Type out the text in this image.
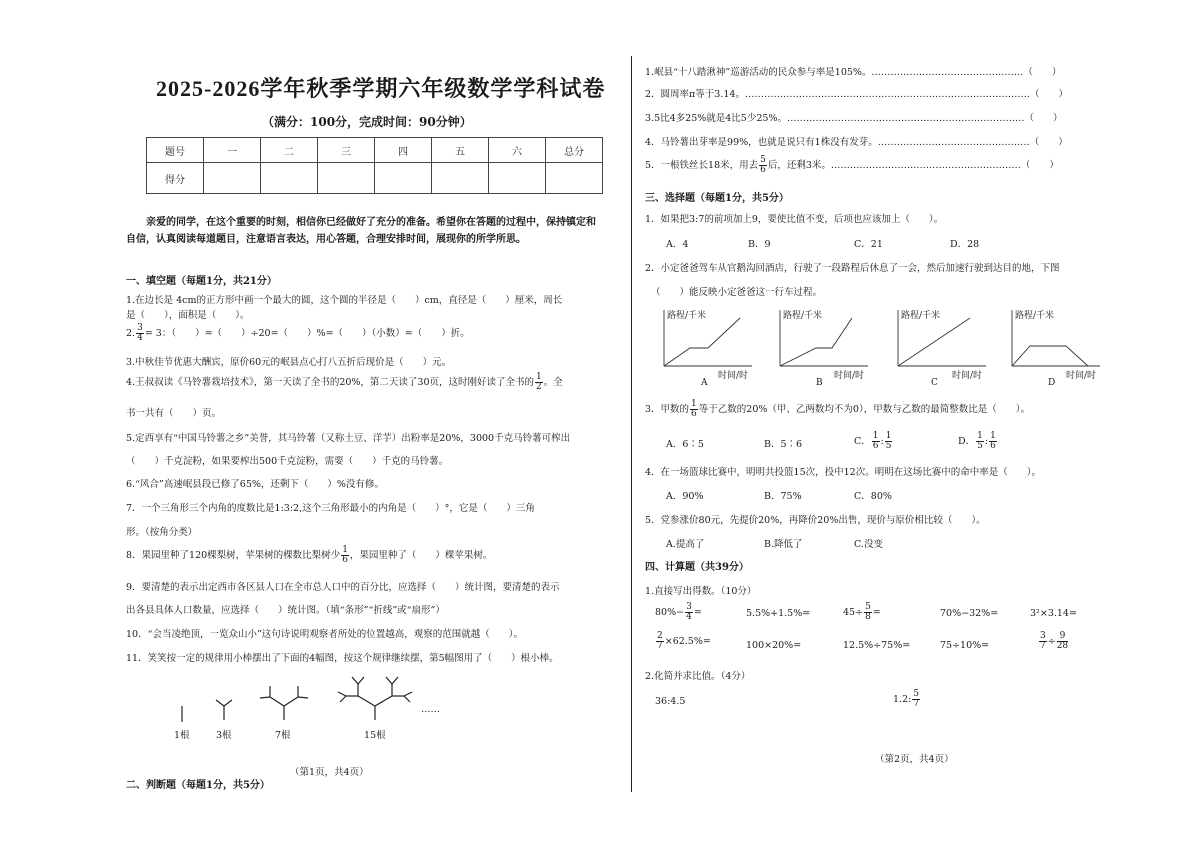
2025-2026学年秋季学期六年级数学学科试卷
（满分：100分，完成时间：90分钟）
题号	一	二	三	四	五	六	总分
得分							
亲爱的同学，在这个重要的时刻，相信你已经做好了充分的准备。希望你在答题的过程中，保持镇定和
自信，认真阅读每道题目，注意语言表达，用心答题，合理安排时间，展现你的所学所思。
一、填空题（每题1分，共21分）
1.在边长是 4cm的正方形中画一个最大的圆，这个圆的半径是（　　）cm，直径是（　　）厘米，周长
是（　　），面积是（　　）。
2. $\frac{3}{4} = 3$：（　　）=（　　）÷20=（　　）%=（　　）（小数）=（　　）折。
3.中秋佳节优惠大酬宾，原价60元的岷县点心打八五折后现价是（　　）元。
4.王叔叔读《马铃薯栽培技术》，第一天读了全书的20%，第二天读了30页，这时刚好读了全书的 $\frac{1}{2}$ 。全
书一共有（　　）页。
5.定西享有“中国马铃薯之乡”美誉，其马铃薯（又称土豆、洋芋）出粉率是20%，3000千克马铃薯可榨出
（　　）千克淀粉，如果要榨出500千克淀粉，需要（　　）千克的马铃薯。
6.“风合”高速岷县段已修了65%，还剩下（　　）%没有修。
7．一个三角形三个内角的度数比是1:3:2,这个三角形最小的内角是（　　）°，它是（　　）三角
形。（按角分类）
8．果园里种了120棵梨树，苹果树的棵数比梨树少 $\frac{1}{6}$ ，果园里种了（　　）棵苹果树。
9．要清楚的表示出定西市各区县人口在全市总人口中的百分比，应选择（　　）统计图，要清楚的表示
出各县具体人口数量，应选择（　　）统计图。（填“条形”“折线”或“扇形”）
10．“会当凌绝顶，一览众山小”这句诗说明观察者所处的位置越高，观察的范围就越（　　）。
11．笑笑按一定的规律用小棒摆出了下面的4幅图，按这个规律继续摆，第5幅图用了（　　）根小棒。
1根	3根	7根	15根
……
（第1页，共4页）
二、判断题（每题1分，共5分）
1.岷县“十八踏湫神”巡游活动的民众参与率是105%。…………………………………………（　　）
2．圆周率π等于3.14。………………………………………………………………………………（　　）
3.5比4多25%就是4比5少25%。…………………………………………………………………（　　）
4．马铃薯出芽率是99%，也就是说只有1株没有发芽。…………………………………………（　　）
5．一根铁丝长18米，用去 $\frac{5}{6}$ 后，还剩3米。……………………………………………………（　　）
三、选择题（每题1分，共5分）
1．如果把3:7的前项加上9，要使比值不变，后项也应该加上（　　）。
A．4	B．9	C．21	D．28
2．小定爸爸驾车从官鹅沟回酒店，行驶了一段路程后休息了一会，然后加速行驶到达目的地，下图
（　　）能反映小定爸爸这一行车过程。
路程/千米	路程/千米	路程/千米	路程/千米
时间/时	时间/时	时间/时	时间/时
A	B	C	D
3．甲数的 $\frac{1}{6}$ 等于乙数的20%（甲、乙两数均不为0），甲数与乙数的最简整数比是（　　）。
A．6∶5	B．5∶6	C． $\frac{1}{6}$ : $\frac{1}{5}$	D． $\frac{1}{5}$ : $\frac{1}{6}$
4．在一场篮球比赛中，明明共投篮15次，投中12次。明明在这场比赛中的命中率是（　　）。
A．90%	B．75%	C．80%
5．党参涨价80元，先提价20%，再降价20%出售，现价与原价相比较（　　）。
A.提高了	B.降低了	C.没变
四、计算题（共39分）
1.直接写出得数。（10分）
$80\%- \frac{3}{4}$ =	5.5%+1.5%=	$45\div \frac{5}{8}$ =	70%−32%=	3²×3.14=
$\frac{2}{7} \times 62.5\%=$	100×20%=	12.5%÷75%=	75÷10%=	$\frac{3}{7} \div \frac{9}{28}$
2.化简并求比值。（4分）
36:4.5	1.2: $\frac{5}{7}$
（第2页，共4页）
